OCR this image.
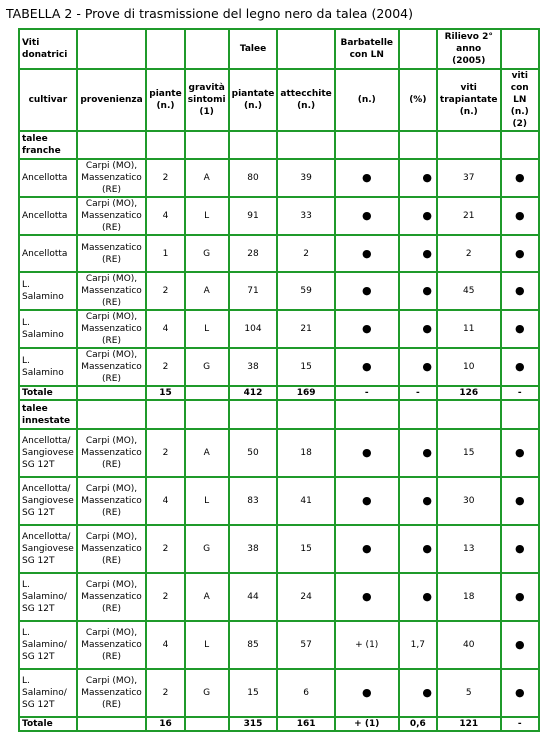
TABELLA 2 - Prove di trasmissione del legno nero da talea (2004)
Viti donatrici				Talee		Barbatelle con LN		Rilievo 2° anno (2005)	
cultivar	provenienza	piante (n.)	gravità sintomi (1)	piantate (n.)	attecchite (n.)	(n.)	(%)	viti trapiantate (n.)	viti con LN (n.) (2)
talee franche									
Ancellotta	Carpi (MO), Massenzatico (RE)	2	A	80	39	●	●	37	●
Ancellotta	Carpi (MO), Massenzatico (RE)	4	L	91	33	●	●	21	●
Ancellotta	Massenzatico (RE)	1	G	28	2	●	●	2	●
L. Salamino	Carpi (MO), Massenzatico (RE)	2	A	71	59	●	●	45	●
L. Salamino	Carpi (MO), Massenzatico (RE)	4	L	104	21	●	●	11	●
L. Salamino	Carpi (MO), Massenzatico (RE)	2	G	38	15	●	●	10	●
Totale		15		412	169	-	-	126	-
talee innestate									
Ancellotta/ Sangiovese SG 12T	Carpi (MO), Massenzatico (RE)	2	A	50	18	●	●	15	●
Ancellotta/ Sangiovese SG 12T	Carpi (MO), Massenzatico (RE)	4	L	83	41	●	●	30	●
Ancellotta/ Sangiovese SG 12T	Carpi (MO), Massenzatico (RE)	2	G	38	15	●	●	13	●
L. Salamino/ SG 12T	Carpi (MO), Massenzatico (RE)	2	A	44	24	●	●	18	●
L. Salamino/ SG 12T	Carpi (MO), Massenzatico (RE)	4	L	85	57	+ (1)	1,7	40	●
L. Salamino/ SG 12T	Carpi (MO), Massenzatico (RE)	2	G	15	6	●	●	5	●
Totale		16		315	161	+ (1)	0,6	121	-
